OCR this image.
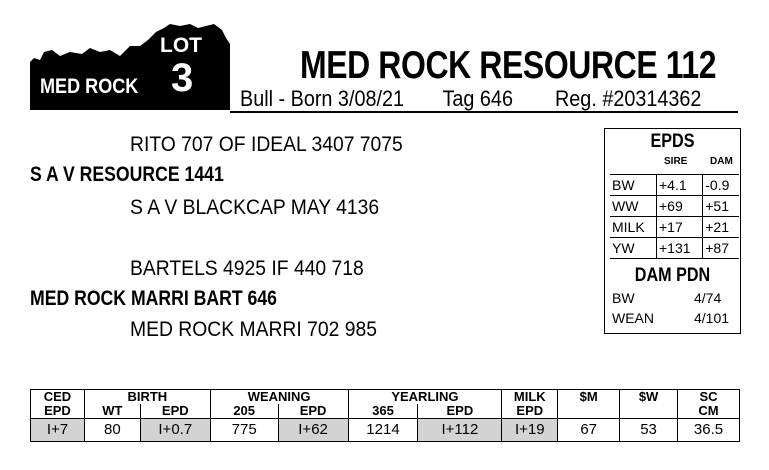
LOT
3
MED ROCK	MED ROCK RESOURCE 112
Bull - Born 3/08/21	Tag 646	Reg. #20314362
RITO 707 OF IDEAL 3407 7075
S A V RESOURCE 1441
S A V BLACKCAP MAY 4136
BARTELS 4925 IF 440 718
MED ROCK MARRI BART 646
MED ROCK MARRI 702 985
EPDS
SIRE DAM
BW	+4.1	-0.9
WW	+69	+51
MILK	+17	+21
YW	+131	+87
DAM PDN
BW	4/74
WEAN	4/101
CED	BIRTH		WEANING		YEARLING		MILK	$M	$W	SC
EPD	WT	EPD	205	EPD	365	EPD	EPD			CM
I+7	80	I+0.7	775	I+62	1214	I+112	I+19	67	53	36.5
